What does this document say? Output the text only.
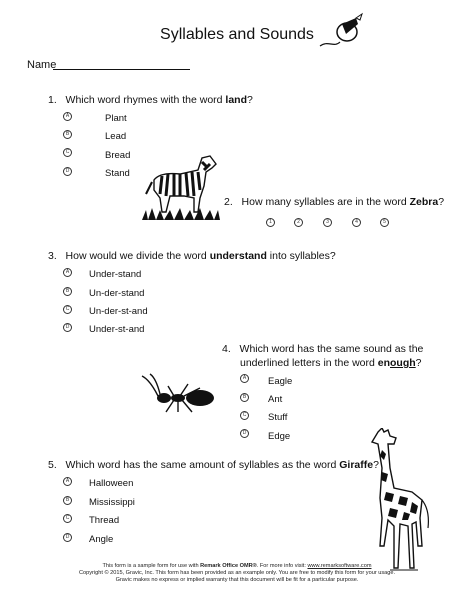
Syllables and Sounds
Name
1. Which word rhymes with the word land?
A	Plant
B	Lead
C	Bread
D	Stand
2. How many syllables are in the word Zebra?
1	2	3	4	5
3. How would we divide the word understand into syllables?
A Under-stand
B Un-der-stand
C Un-der-st-and
D Under-st-and
4. Which word has the same sound as the
underlined letters in the word enough?
A Eagle
B Ant
C Stuff
D Edge
5. Which word has the same amount of syllables as the word Giraffe?
A Halloween
B Mississippi
C Thread
D Angle
This form is a sample form for use with Remark Office OMR®. For more info visit: www.remarksoftware.com
Copyright © 2015, Gravic, Inc. This form has been provided as an example only. You are free to modify this form for your usage.
Gravic makes no express or implied warranty that this document will be fit for a particular purpose.
